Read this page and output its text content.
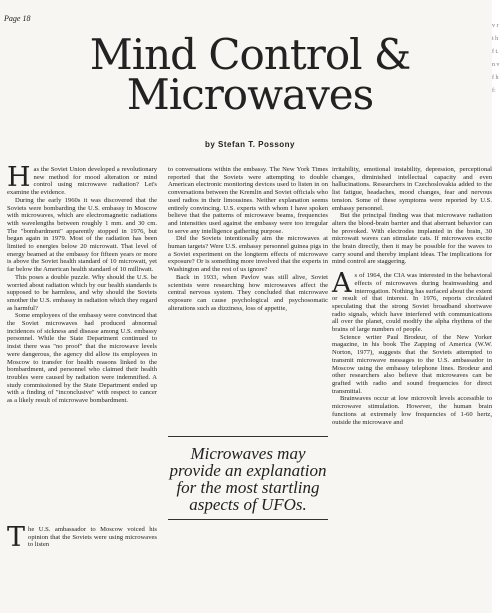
Page 18
Mind Control &
Microwaves
by Stefan T. Possony

Has the Soviet Union developed a revolutionary new method for mood alteration or mind control using microwave radiation? Let's examine the evidence.

During the early 1960s it was discovered that the Soviets were bombarding the U.S. embassy in Moscow with microwaves, which are electromagnetic radiations with wavelengths between roughly 1 mm. and 30 cm. The "bombardment" apparently stopped in 1976, but began again in 1979. Most of the radiation has been limited to energies below 20 microwatt. That level of energy beamed at the embassy for fifteen years or more is above the Soviet health standard of 10 microwatt, yet far below the American health standard of 10 milliwatt.

This poses a double puzzle. Why should the U.S. be worried about radiation which by our health standards is supposed to be harmless, and why should the Soviets smother the U.S. embassy in radiation which they regard as harmful?

Some employees of the embassy were convinced that the Soviet microwaves had produced abnormal incidences of sickness and disease among U.S. embassy personnel. While the State Department continued to insist there was "no proof" that the microwave levels were dangerous, the agency did allow its employees in Moscow to transfer for health reasons linked to the bombardment, and personnel who claimed their health troubles were caused by radiation were indemnified. A study commissioned by the State Department ended up with a finding of "inconclusive" with respect to cancer as a likely result of microwave bombardment.

The U.S. ambassador to Moscow voiced his opinion that the Soviets were using microwaves to listen

to conversations within the embassy. The New York Times reported that the Soviets were attempting to double American electronic monitoring devices used to listen in on conversations between the Kremlin and Soviet officials who used radios in their limousines. Neither explanation seems entirely convincing. U.S. experts with whom I have spoken believe that the patterns of microwave beams, frequencies and intensities used against the embassy were too irregular to serve any intelligence gathering purpose.

Did the Soviets intentionally aim the microwaves at human targets? Were U.S. embassy personnel guinea pigs in a Soviet experiment on the longterm effects of microwave exposure? Or is something more involved that the experts in Washington and the rest of us ignore?

Back in 1933, when Pavlov was still alive, Soviet scientists were researching how microwaves affect the central nervous system. They concluded that microwave exposure can cause psychological and psychosomatic alterations such as dizziness, loss of appetite,

Microwaves may provide an explanation for the most startling aspects of UFOs.

irritability, emotional instability, depression, perceptional changes, diminished intellectual capacity and even hallucinations. Researchers in Czechoslovakia added to the list fatigue, headaches, mood changes, fear and nervous tension. Some of these symptoms were reported by U.S. embassy personnel.

But the principal finding was that microwave radiation alters the blood-brain barrier and that aberrant behavior can be provoked. With electrodes implanted in the brain, 30 microwatt waves can stimulate cats. If microwaves excite the brain directly, then it may be possible for the waves to carry sound and thereby implant ideas. The implications for mind control are staggering.

As of 1964, the CIA was interested in the behavioral effects of microwaves during brainwashing and interrogation. Nothing has surfaced about the extent or result of that interest. In 1976, reports circulated speculating that the strong Soviet broadband shortwave radio signals, which have interfered with communications all over the planet, could modify the alpha rhythms of the brains of large numbers of people.

Science writer Paul Brodeur, of the New Yorker magazine, in his book The Zapping of America (W.W. Norton, 1977), suggests that the Soviets attempted to transmit microwave messages to the U.S. ambassador in Moscow using the embassy telephone lines. Brodeur and other researchers also believe that microwaves can be grafted with radio and sound frequencies for direct transmittal.

Brainwaves occur at low microvolt levels accessible to microwave stimulation. However, the human brain functions at extremely low frequencies of 1-60 hertz, outside the microwave and

v r t h f t. n v f h f:
